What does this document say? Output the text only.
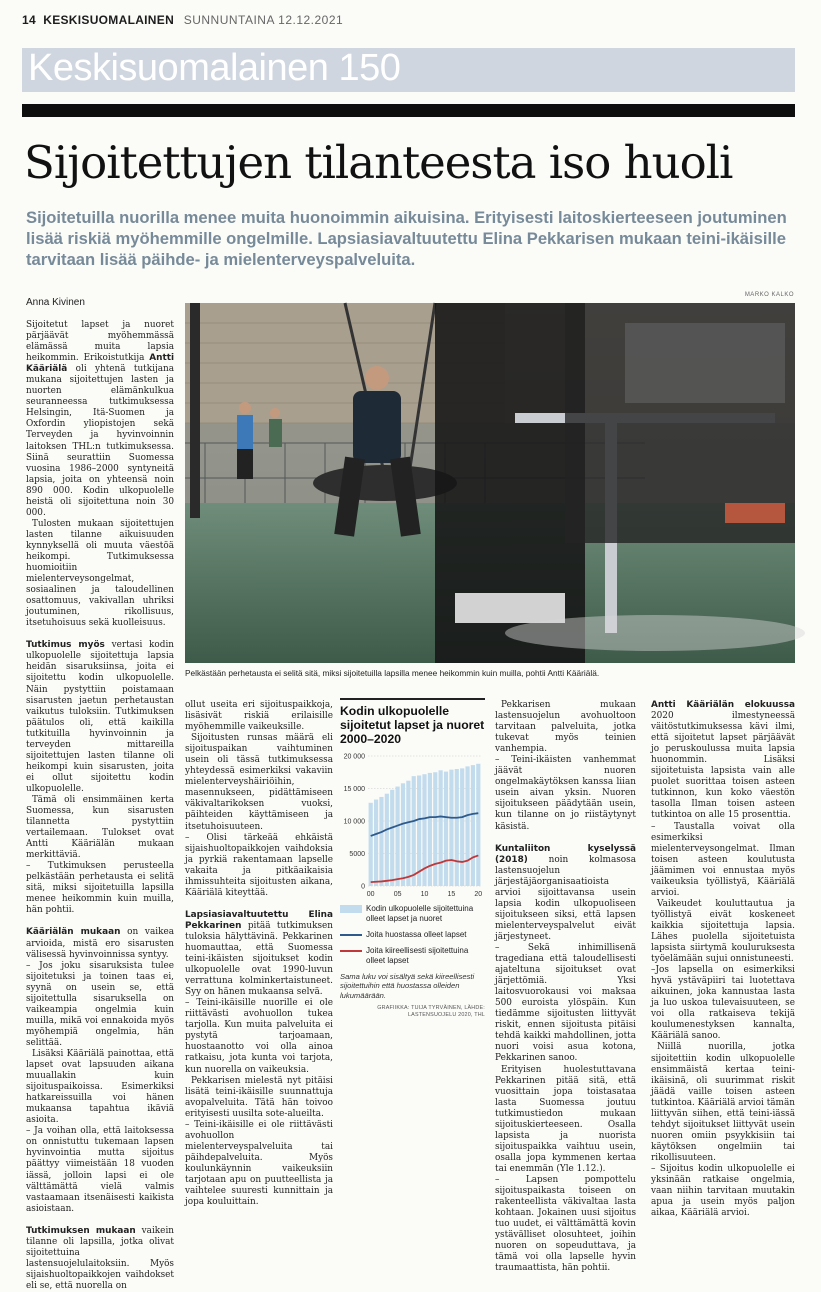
14 KESKISUOMALAINEN SUNNUNTAINA 12.12.2021
Keskisuomalainen 150
Sijoitettujen tilanteesta iso huoli
Sijoitetuilla nuorilla menee muita huonoimmin aikuisina. Erityisesti laitoskierteeseen joutuminen lisää riskiä myöhemmille ongelmille. Lapsiasiavaltuutettu Elina Pekkarisen mukaan teini-ikäisille tarvitaan lisää päihde- ja mielenterveyspalveluita.
Anna Kivinen
MARKO KALKO
Pelkästään perhetausta ei selitä sitä, miksi sijoitetuilla lapsilla menee heikommin kuin muilla, pohtii Antti Kääriälä.

Sijoitetut lapset ja nuoret pärjäävät myöhemmässä elämässä muita lapsia heikommin. Erikoistutkija Antti Kääriälä oli yhtenä tutkijana mukana sijoitettujen lasten ja nuorten elämänkulkua seuranneessa tutkimuksessa Helsingin, Itä-Suomen ja Oxfordin yliopistojen sekä Terveyden ja hyvinvoinnin laitoksen THL:n tutkimuksessa. Siinä seurattiin Suomessa vuosina 1986–2000 syntyneitä lapsia, joita on yhteensä noin 890 000. Kodin ulkopuolelle heistä oli sijoitettuna noin 30 000.

Tulosten mukaan sijoitettujen lasten tilanne aikuisuuden kynnyksellä oli muuta väestöä heikompi. Tutkimuksessa huomioitiin mielenterveysongelmat, sosiaalinen ja taloudellinen osattomuus, vakivallan uhriksi joutuminen, rikollisuus, itsetuhoisuus sekä kuolleisuus.

Tutkimus myös vertasi kodin ulkopuolelle sijoitettuja lapsia heidän sisaruksiinsa, joita ei sijoitettu kodin ulkopuolelle. Näin pystyttiin poistamaan sisarusten jaetun perhetaustan vaikutus tuloksiin. Tutkimuksen päätulos oli, että kaikilla tutkituilla hyvinvoinnin ja terveyden mittareilla sijoitettujen lasten tilanne oli heikompi kuin sisarusten, joita ei ollut sijoitettu kodin ulkopuolelle.

Tämä oli ensimmäinen kerta Suomessa, kun sisarusten tilannetta pystyttiin vertailemaan. Tulokset ovat Antti Kääriälän mukaan merkittäviä.

– Tutkimuksen perusteella pelkästään perhetausta ei selitä sitä, miksi sijoitetuilla lapsilla menee heikommin kuin muilla, hän pohtii.

Kääriälän mukaan on vaikea arvioida, mistä ero sisarusten välisessä hyvinvoinnissa syntyy.

– Jos joku sisaruksista tulee sijoitetuksi ja toinen taas ei, syynä on usein se, että sijoitettulla sisaruksella on vaikeampia ongelmia kuin muilla, mikä voi ennakoida myös myöhempiä ongelmia, hän selittää.

Lisäksi Kääriälä painottaa, että lapset ovat lapsuuden aikana muuallakin kuin sijoituspaikoissa. Esimerkiksi hatkareissuilla voi hänen mukaansa tapahtua ikäviä asioita.

– Ja voihan olla, että laitoksessa on onnistuttu tukemaan lapsen hyvinvointia mutta sijoitus päättyy viimeistään 18 vuoden iässä, jolloin lapsi ei ole välttämättä vielä valmis vastaamaan itsenäisesti kaikista asioistaan.

Tutkimuksen mukaan vaikein tilanne oli lapsilla, jotka olivat sijoitettuina lastensuojelulaitoksiin. Myös sijaishuoltopaikkojen vaihdokset eli se, että nuorella on

ollut useita eri sijoituspaikkoja, lisäsivät riskiä erilaisille myöhemmille vaikeuksille.

Sijoitusten runsas määrä eli sijoituspaikan vaihtuminen usein oli tässä tutkimuksessa yhteydessä esimerkiksi vakaviin mielenterveyshäiriöihin, masennukseen, pidättämiseen väkivaltarikoksen vuoksi, päihteiden käyttämiseen ja itsetuhoisuuteen.

– Olisi tärkeää ehkäistä sijaishuoltopaikkojen vaihdoksia ja pyrkiä rakentamaan lapselle vakaita ja pitkäaikaisia ihmissuhteita sijoitusten aikana, Kääriälä kiteyttää.

Lapsiasiavaltuutettu Elina Pekkarinen pitää tutkimuksen tuloksia hälyttävinä. Pekkarinen huomauttaa, että Suomessa teini-ikäisten sijoitukset kodin ulkopuolelle ovat 1990-luvun verrattuna kolminkertaistuneet. Syy on hänen mukaansa selvä.

– Teini-ikäisille nuorille ei ole riittävästi avohuollon tukea tarjolla. Kun muita palveluita ei pystytä tarjoamaan, huostaanotto voi olla ainoa ratkaisu, jota kunta voi tarjota, kun nuorella on vaikeuksia.

Pekkarisen mielestä nyt pitäisi lisätä teini-ikäisille suunnattuja avopalveluita. Tätä hän toivoo erityisesti uusilta sote-alueilta.

– Teini-ikäisille ei ole riittävästi avohuollon mielenterveyspalveluita tai päihdepalveluita. Myös koulunkäynnin vaikeuksiin tarjotaan apu on puutteellista ja vaihtelee suuresti kunnittain ja jopa kouluittain.

Kodin ulkopuolelle sijoitetut lapset ja nuoret 2000–2020
20 000
15 000
10 000
5000
0
00	05	10	15	20
Kodin ulkopuolelle sijoitettuina olleet lapset ja nuoret
Joita huostassa olleet lapset
Joita kiireellisesti sijoitettuina olleet lapset
Sama luku voi sisältyä sekä kiireellisesti sijoitettuihin että huostassa olleiden lukumäärään.
GRAFIIKKA: TUIJA TYRVÄINEN, LÄHDE: LASTENSUOJELU 2020, THL

Pekkarisen mukaan lastensuojelun avohuoltoon tarvitaan palveluita, jotka tukevat myös teinien vanhempia.

– Teini-ikäisten vanhemmat jäävät nuoren ongelmakäytöksen kanssa liian usein aivan yksin. Nuoren sijoitukseen päädytään usein, kun tilanne on jo riistäytynyt käsistä.

Kuntaliiton kyselyssä (2018) noin kolmasosa lastensuojelun järjestäjäorganisaatioista arvioi sijoittavansa usein lapsia kodin ulkopuoliseen sijoitukseen siksi, että lapsen mielenterveyspalvelut eivät järjestyneet.

– Sekä inhimillisenä tragediana että taloudellisesti ajateltuna sijoitukset ovat järjettömiä. Yksi laitosvuorokausi voi maksaa 500 euroista ylöspäin. Kun tiedämme sijoitusten liittyvät riskit, ennen sijoitusta pitäisi tehdä kaikki mahdollinen, jotta nuori voisi asua kotona, Pekkarinen sanoo.

Erityisen huolestuttavana Pekkarinen pitää sitä, että vuosittain jopa toistasataa lasta Suomessa joutuu tutkimustiedon mukaan sijoituskierteeseen. Osalla lapsista ja nuorista sijoituspaikka vaihtuu usein, osalla jopa kymmenen kertaa tai enemmän (Yle 1.12.).

– Lapsen pompottelu sijoituspaikasta toiseen on rakenteellista väkivaltaa lasta kohtaan. Jokainen uusi sijoitus tuo uudet, ei välttämättä kovin ystävälliset olosuhteet, joihin nuoren on sopeuduttava, ja tämä voi olla lapselle hyvin traumaattista, hän pohtii.

Antti Kääriälän elokuussa 2020 ilmestyneessä väitöstutkimuksessa kävi ilmi, että sijoitetut lapset pärjäävät jo peruskoulussa muita lapsia huonommin. Lisäksi sijoitetuista lapsista vain alle puolet suorittaa toisen asteen tutkinnon, kun koko väestön tasolla Ilman toisen asteen tutkintoa on alle 15 prosenttia.

– Taustalla voivat olla esimerkiksi mielenterveysongelmat. Ilman toisen asteen koulutusta jäämimen voi ennustaa myös vaikeuksia työllistyä, Kääriälä arvioi.

Vaikeudet kouluttautua ja työllistyä eivät koskeneet kaikkia sijoitettuja lapsia. Lähes puolella sijoitetuista lapsista siirtymä kouluruksesta työelämään sujui onnistuneesti.

–Jos lapsella on esimerkiksi hyvä ystäväpiiri tai luotettava aikuinen, joka kannustaa lasta ja luo uskoa tulevaisuuteen, se voi olla ratkaiseva tekijä koulumenestyksen kannalta, Kääriälä sanoo.

Niillä nuorilla, jotka sijoitettiin kodin ulkopuolelle ensimmäistä kertaa teini-ikäisinä, oli suurimmat riskit jäädä vaille toisen asteen tutkintoa. Kääriälä arvioi tämän liittyvän siihen, että teini-iässä tehdyt sijoitukset liittyvät usein nuoren omiin psyykkisiin tai käytöksen ongelmiin tai rikollisuuteen.

– Sijoitus kodin ulkopuolelle ei yksinään ratkaise ongelmia, vaan niihin tarvitaan muutakin apua ja usein myös paljon aikaa, Kääriälä arvioi.
